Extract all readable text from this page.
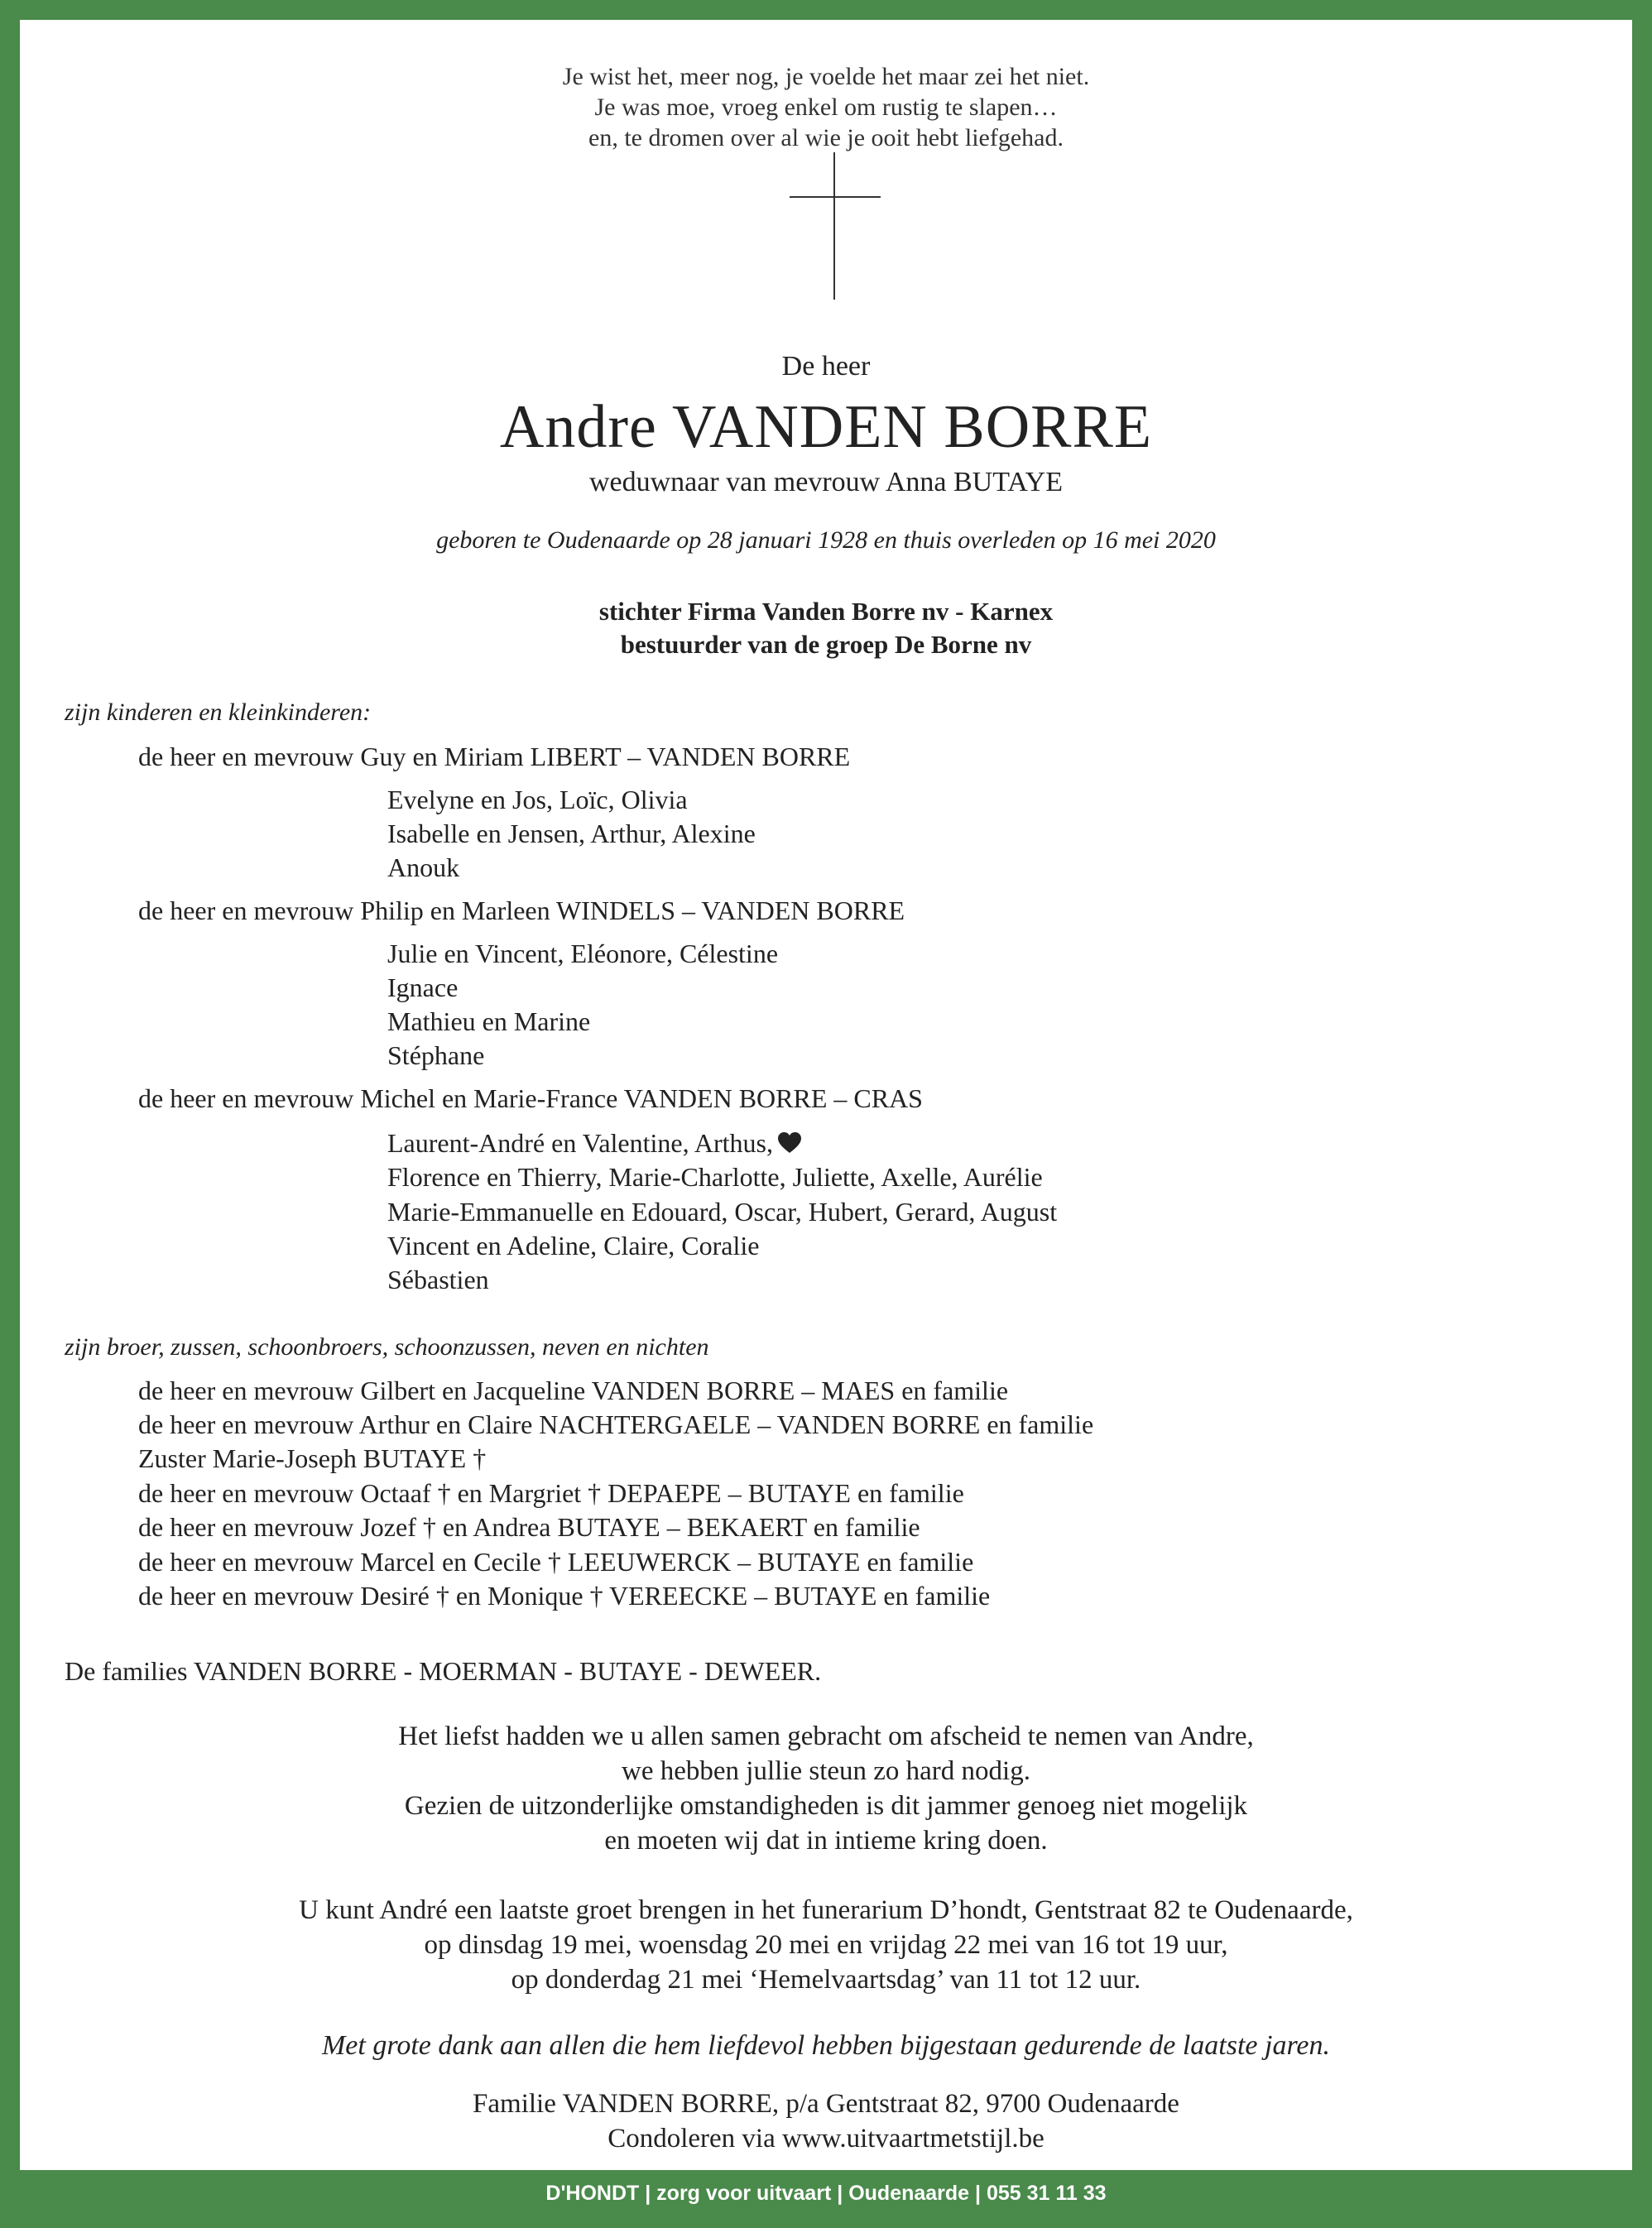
Je wist het, meer nog, je voelde het maar zei het niet.
Je was moe, vroeg enkel om rustig te slapen…
en, te dromen over al wie je ooit hebt liefgehad.
De heer
Andre VANDEN BORRE
weduwnaar van mevrouw Anna BUTAYE
geboren te Oudenaarde op 28 januari 1928 en thuis overleden op 16 mei 2020
stichter Firma Vanden Borre nv - Karnex
bestuurder van de groep De Borne nv
zijn kinderen en kleinkinderen:
de heer en mevrouw Guy en Miriam LIBERT – VANDEN BORRE
Evelyne en Jos, Loïc, Olivia
Isabelle en Jensen, Arthur, Alexine
Anouk
de heer en mevrouw Philip en Marleen WINDELS – VANDEN BORRE
Julie en Vincent, Eléonore, Célestine
Ignace
Mathieu en Marine
Stéphane
de heer en mevrouw Michel en Marie-France VANDEN BORRE – CRAS
Laurent-André en Valentine, Arthus,
Florence en Thierry, Marie-Charlotte, Juliette, Axelle, Aurélie
Marie-Emmanuelle en Edouard, Oscar, Hubert, Gerard, August
Vincent en Adeline, Claire, Coralie
Sébastien
zijn broer, zussen, schoonbroers, schoonzussen, neven en nichten
de heer en mevrouw Gilbert en Jacqueline VANDEN BORRE – MAES en familie
de heer en mevrouw Arthur en Claire NACHTERGAELE – VANDEN BORRE en familie
Zuster Marie-Joseph BUTAYE †
de heer en mevrouw Octaaf † en Margriet † DEPAEPE – BUTAYE en familie
de heer en mevrouw Jozef † en Andrea BUTAYE – BEKAERT en familie
de heer en mevrouw Marcel en Cecile † LEEUWERCK – BUTAYE en familie
de heer en mevrouw Desiré † en Monique † VEREECKE – BUTAYE en familie
De families VANDEN BORRE - MOERMAN - BUTAYE - DEWEER.
Het liefst hadden we u allen samen gebracht om afscheid te nemen van Andre,
we hebben jullie steun zo hard nodig.
Gezien de uitzonderlijke omstandigheden is dit jammer genoeg niet mogelijk
en moeten wij dat in intieme kring doen.
U kunt André een laatste groet brengen in het funerarium D’hondt, Gentstraat 82 te Oudenaarde,
op dinsdag 19 mei, woensdag 20 mei en vrijdag 22 mei van 16 tot 19 uur,
op donderdag 21 mei ‘Hemelvaartsdag’ van 11 tot 12 uur.
Met grote dank aan allen die hem liefdevol hebben bijgestaan gedurende de laatste jaren.
Familie VANDEN BORRE, p/a Gentstraat 82, 9700 Oudenaarde
Condoleren via www.uitvaartmetstijl.be
D'HONDT | zorg voor uitvaart | Oudenaarde | 055 31 11 33
